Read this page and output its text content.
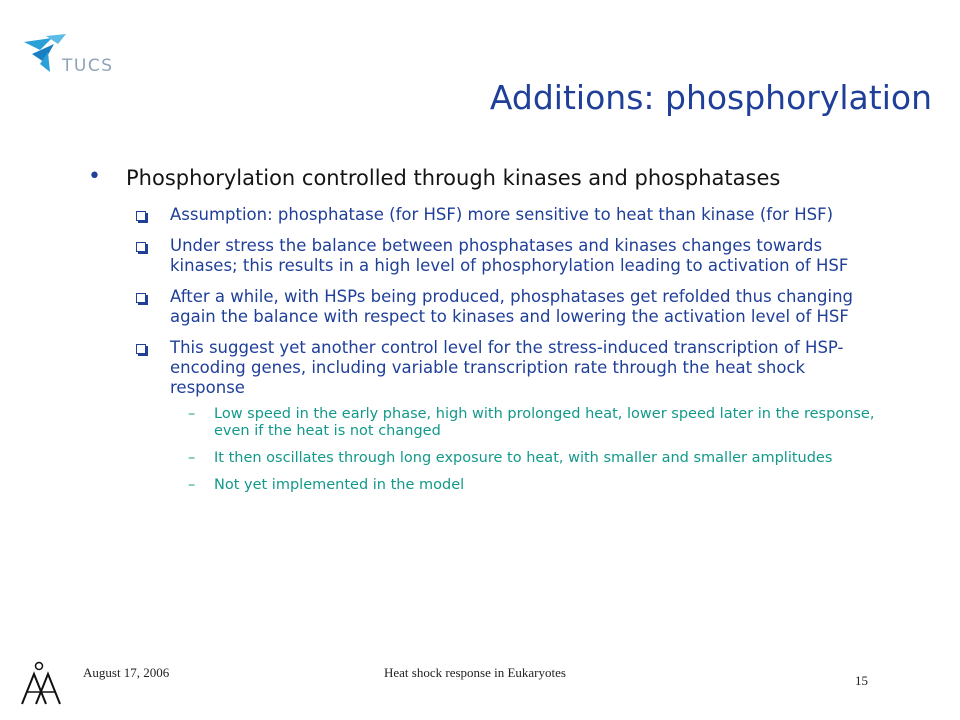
TUCS
Additions: phosphorylation
• Phosphorylation controlled through kinases and phosphatases
Assumption: phosphatase (for HSF) more sensitive to heat than kinase (for HSF)
Under stress the balance between phosphatases and kinases changes towards kinases; this results in a high level of phosphorylation leading to activation of HSF
After a while, with HSPs being produced, phosphatases get refolded thus changing again the balance with respect to kinases and lowering the activation level of HSF
This suggest yet another control level for the stress-induced transcription of HSP-encoding genes, including variable transcription rate through the heat shock response
– Low speed in the early phase, high with prolonged heat, lower speed later in the response, even if the heat is not changed
– It then oscillates through long exposure to heat, with smaller and smaller amplitudes
– Not yet implemented in the model
August 17, 2006	Heat shock response in Eukaryotes
15
